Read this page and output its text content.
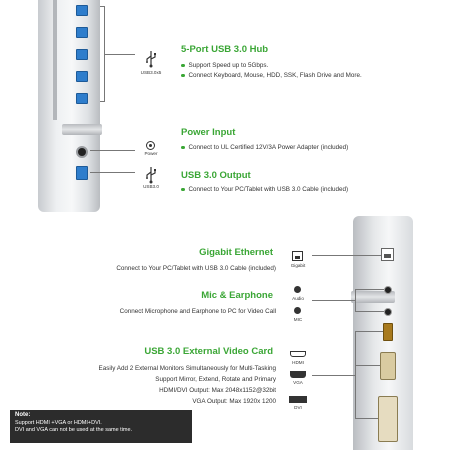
USB3.0x5
5-Port USB 3.0 Hub
Support Speed up to 5Gbps.
Connect Keyboard, Mouse, HDD, SSK, Flash Drive and More.
Power
Power Input
Connect to UL Certified 12V/3A Power Adapter (included)
USB3.0
USB 3.0 Output
Connect to Your PC/Tablet with USB 3.0 Cable (included)
Gigabit
Gigabit Ethernet
Connect to Your PC/Tablet with USB 3.0 Cable (included)
Audio
MIC
Mic & Earphone
Connect Microphone and Earphone to PC for Video Call
HDMI
VGA
DVI
USB 3.0 External Video Card
Easily Add 2 External Monitors Simultaneously for Multi-Tasking
Support Mirror, Extend, Rotate and Primary
HDMI/DVI Output: Max 2048x1152@32bit
VGA Output: Max 1920x 1200
Note:
Support HDMI +VGA or HDMI+DVI.
DVI and VGA can not be used at the same time.
